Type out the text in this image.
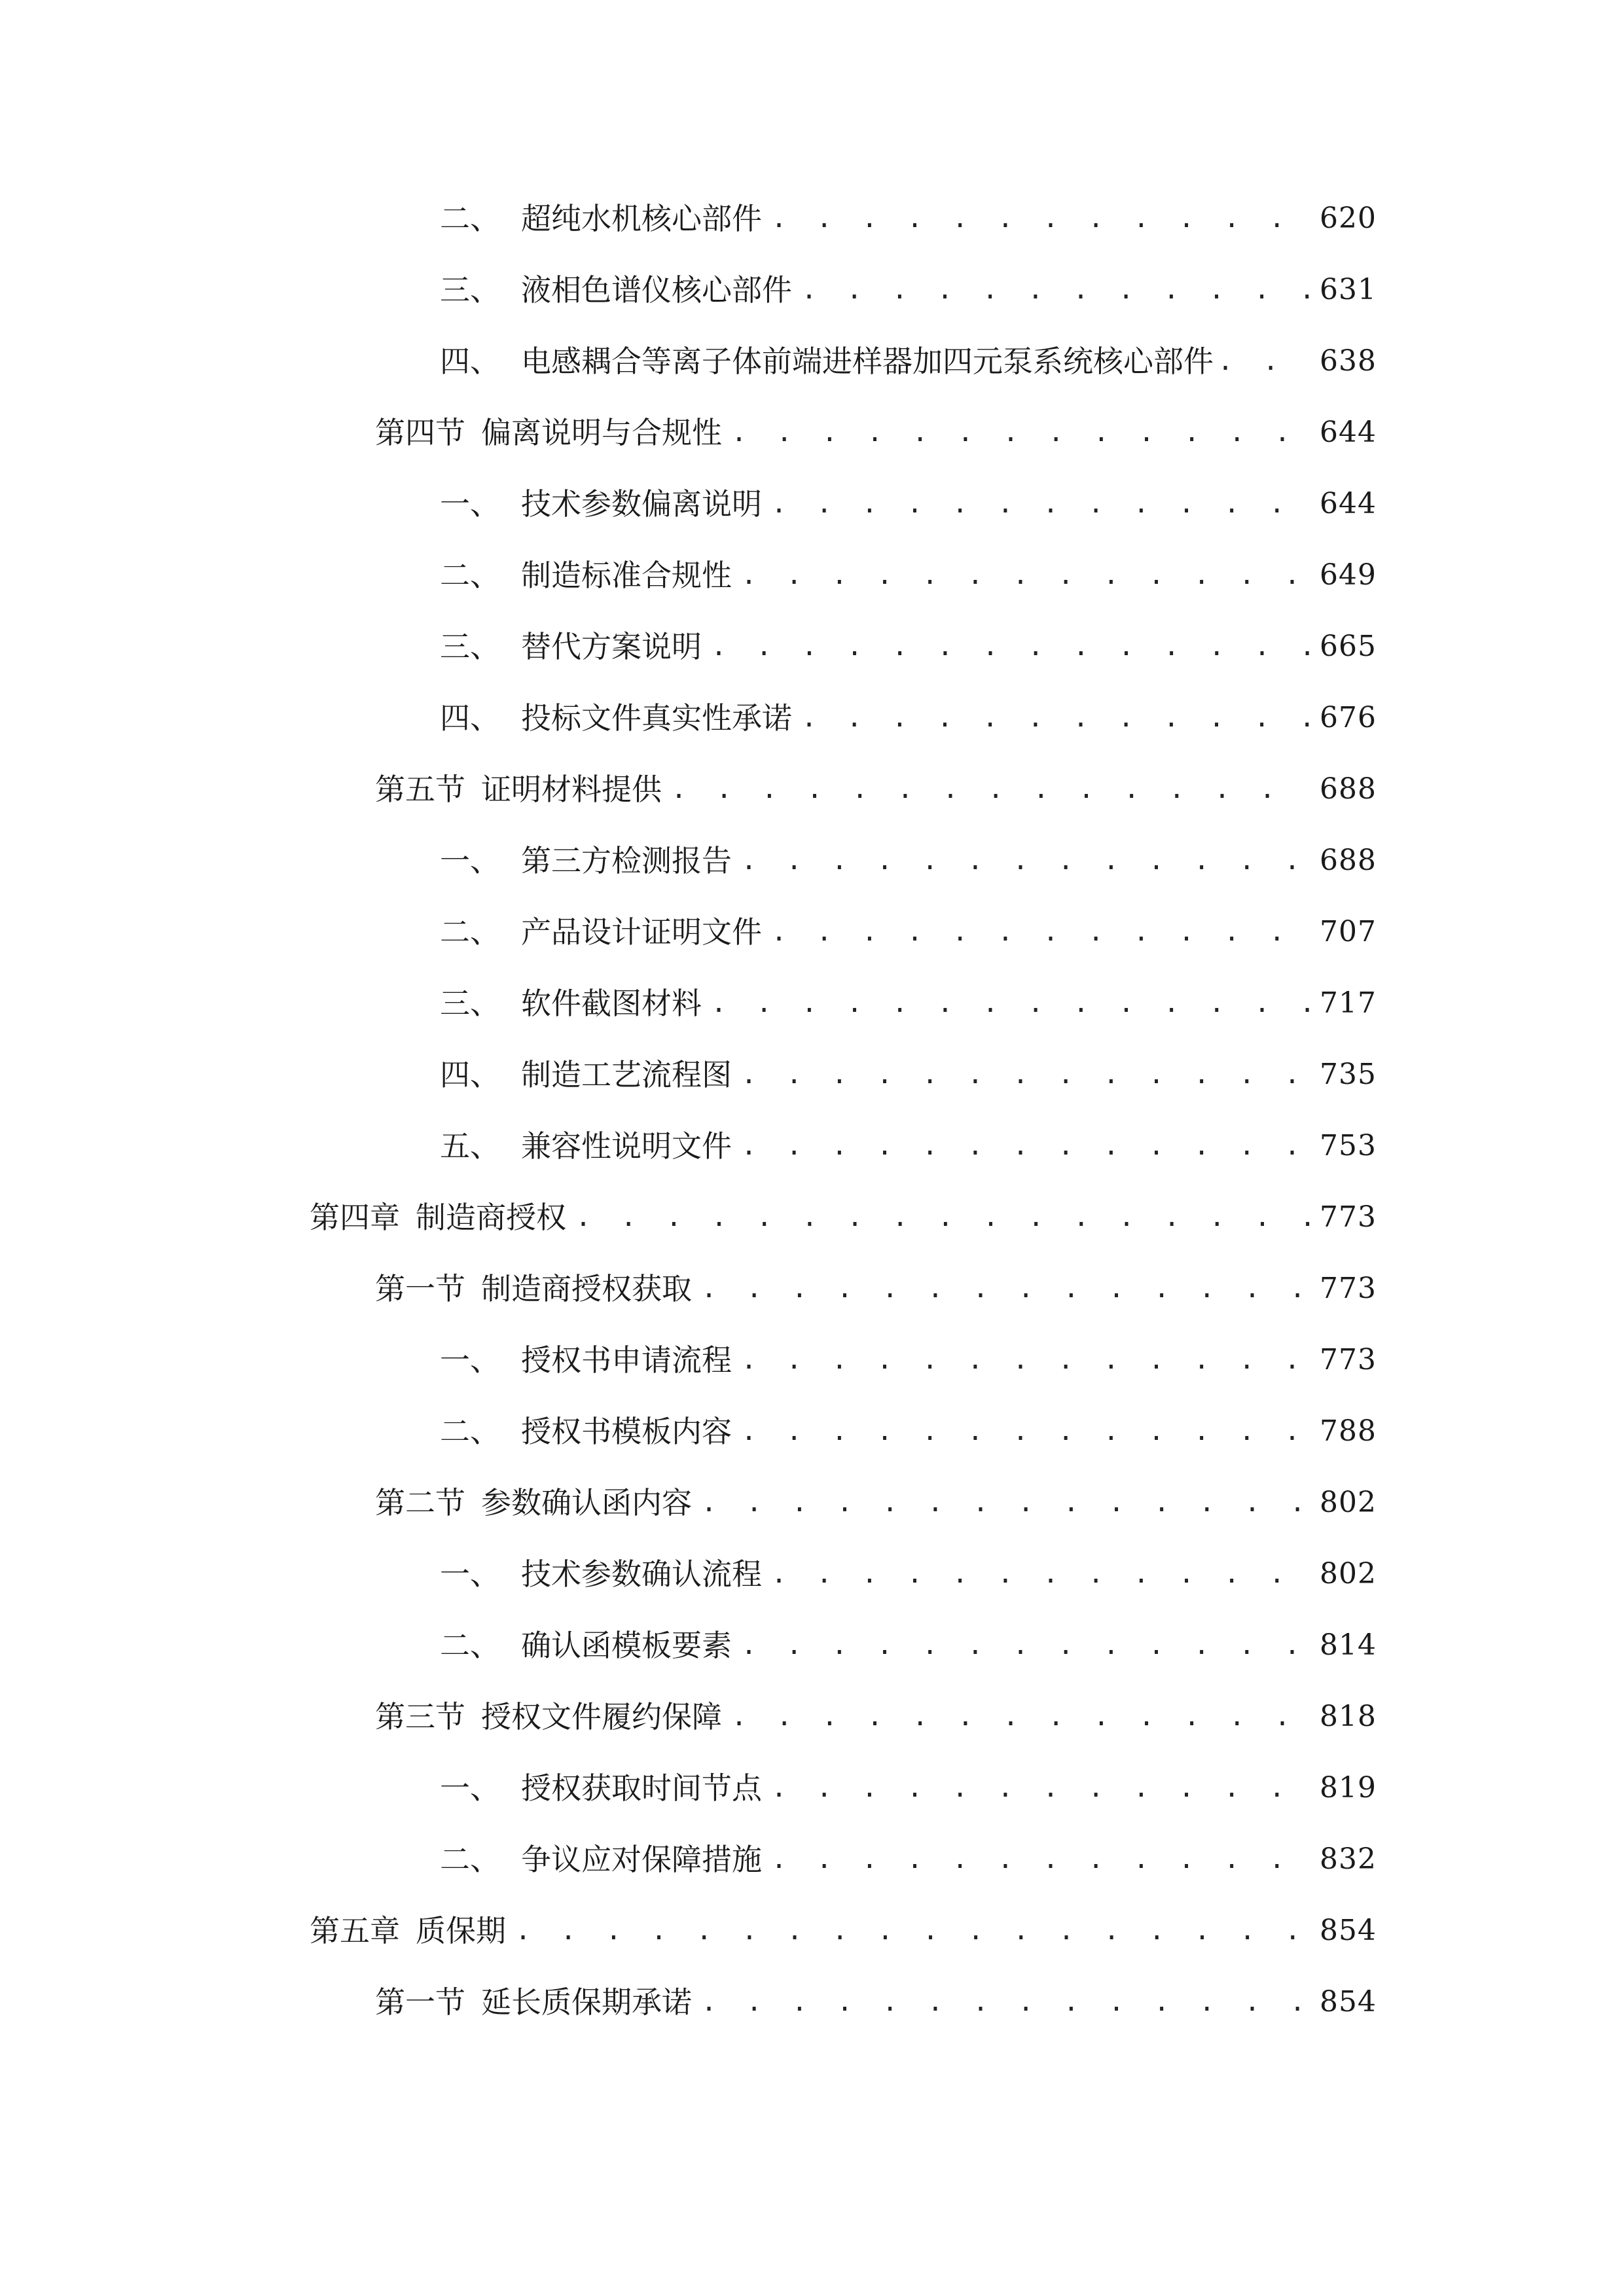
二、 超纯水机核心部件 . . .	620
三、 液相色谱仪核心部件 . . .	631
四、 电感耦合等离子体前端进样器加四元泵系统核心部件 . . .	638
第四节 偏离说明与合规性 . . .	644
一、 技术参数偏离说明 . . .	644
二、 制造标准合规性 . . .	649
三、 替代方案说明 . . .	665
四、 投标文件真实性承诺 . . .	676
第五节 证明材料提供 . . .	688
一、 第三方检测报告 . . .	688
二、 产品设计证明文件 . . .	707
三、 软件截图材料 . . .	717
四、 制造工艺流程图 . . .	735
五、 兼容性说明文件 . . .	753
第四章 制造商授权 . . .	773
第一节 制造商授权获取 . . .	773
一、 授权书申请流程 . . .	773
二、 授权书模板内容 . . .	788
第二节 参数确认函内容 . . .	802
一、 技术参数确认流程 . . .	802
二、 确认函模板要素 . . .	814
第三节 授权文件履约保障 . . .	818
一、 授权获取时间节点 . . .	819
二、 争议应对保障措施 . . .	832
第五章 质保期 . . .	854
第一节 延长质保期承诺 . . .	854
